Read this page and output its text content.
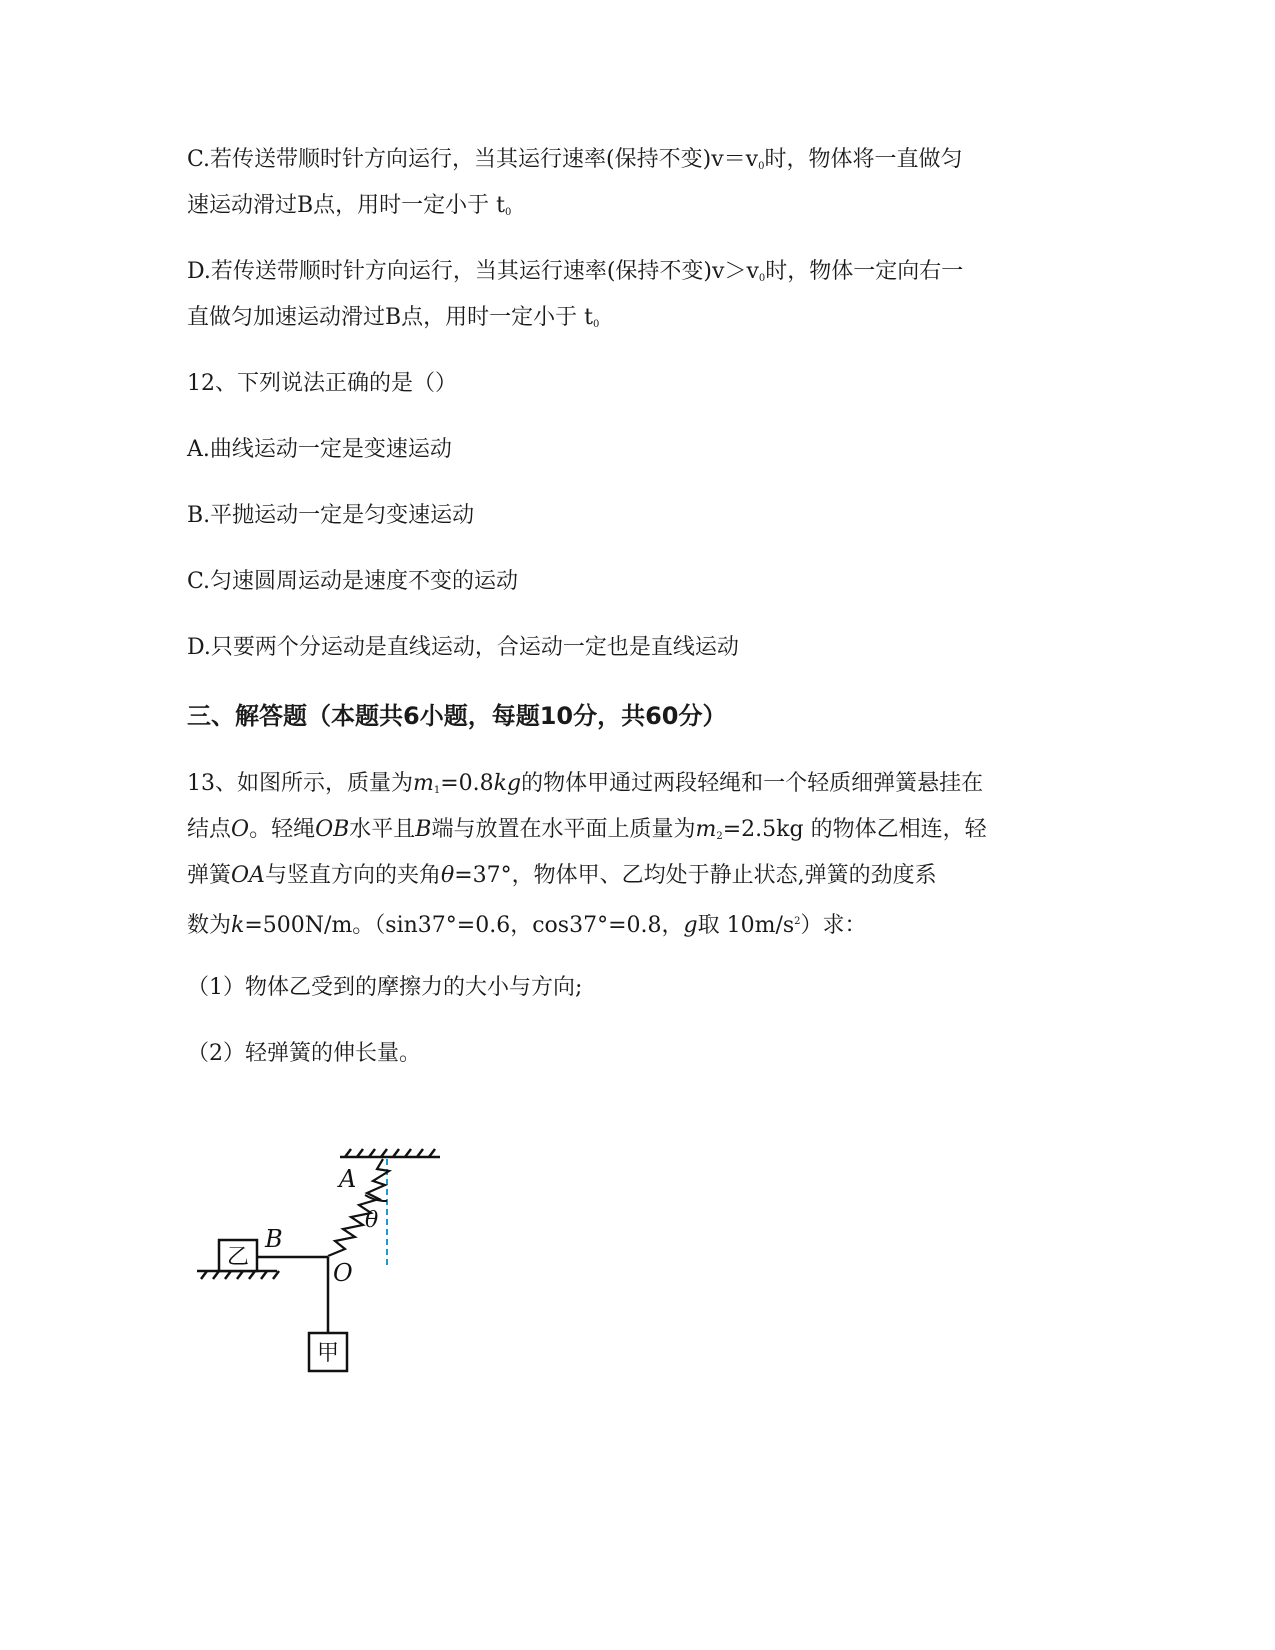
C.若传送带顺时针方向运行，当其运行速率(保持不变)$v=v_0$时，物体将一直做匀
速运动滑过B点，用时一定小于 $t_0$
D.若传送带顺时针方向运行，当其运行速率(保持不变)$v>v_0$时，物体一定向右一
直做匀加速运动滑过B点，用时一定小于 $t_0$
12、下列说法正确的是（）
A.曲线运动一定是变速运动
B.平抛运动一定是匀变速运动
C.匀速圆周运动是速度不变的运动
D.只要两个分运动是直线运动，合运动一定也是直线运动
三、解答题（本题共6小题，每题10分，共60分）
13、如图所示，质量为$m_1=0.8kg$的物体甲通过两段轻绳和一个轻质细弹簧悬挂在
结点O。轻绳OB水平且B端与放置在水平面上质量为$m_2=2.5kg$ 的物体乙相连，轻
弹簧OA与竖直方向的夹角θ=37°，物体甲、乙均处于静止状态,弹簧的劲度系
数为k=500N/m。（sin37°=0.6，cos37°=0.8，g取 $10m/s^2$）求：
（1）物体乙受到的摩擦力的大小与方向;
（2）轻弹簧的伸长量。
乙
甲
A
θ
B
O
